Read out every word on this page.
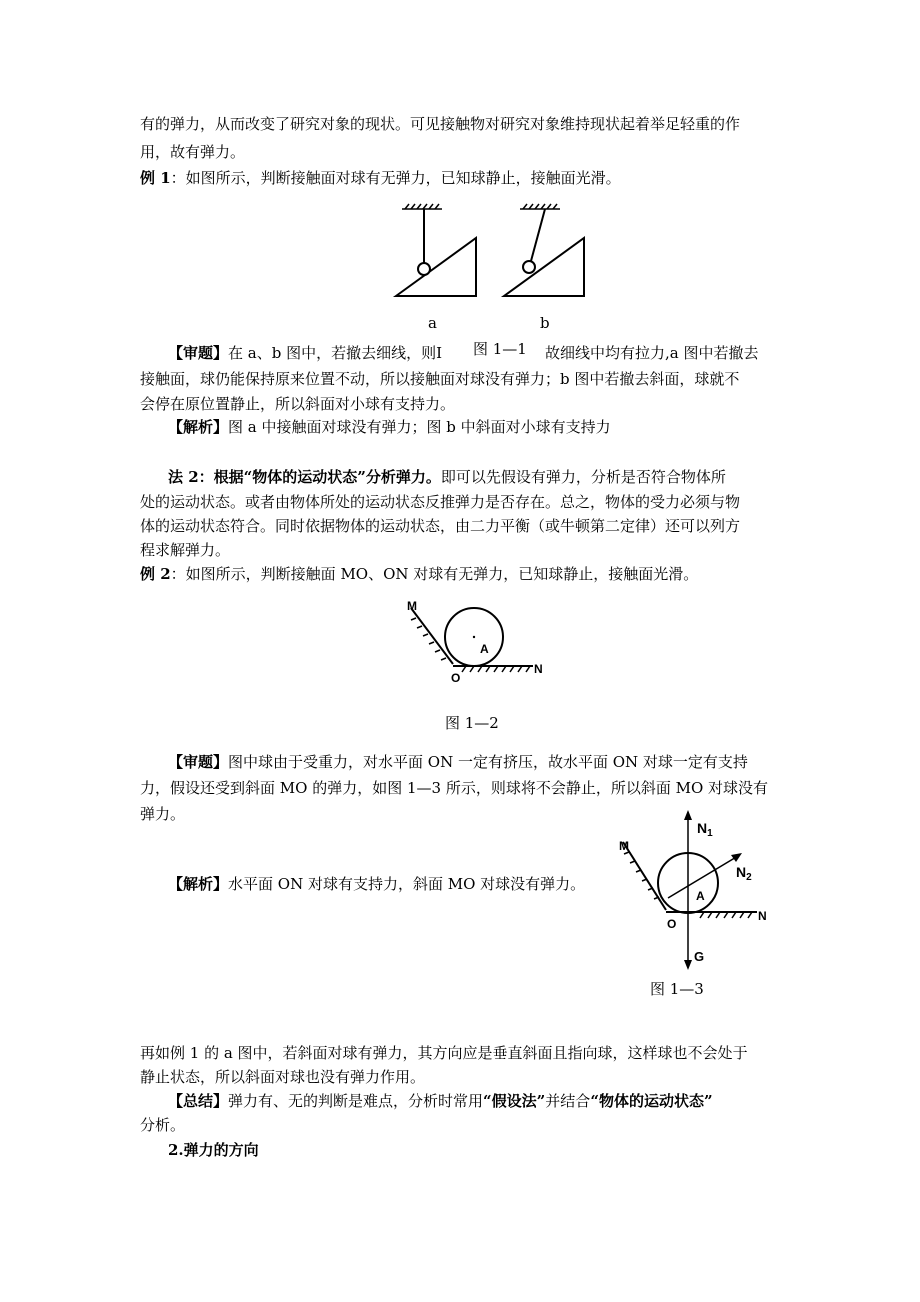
有的弹力，从而改变了研究对象的现状。可见接触物对研究对象维持现状起着举足轻重的作
用，故有弹力。
例 1：如图所示，判断接触面对球有无弹力，已知球静止，接触面光滑。
a	b
【审题】在 a、b 图中，若撤去细线，则I 图 1—1 故细线中均有拉力,a 图中若撤去
接触面，球仍能保持原来位置不动，所以接触面对球没有弹力；b 图中若撤去斜面，球就不
会停在原位置静止，所以斜面对小球有支持力。
【解析】图 a 中接触面对球没有弹力；图 b 中斜面对小球有支持力
法 2：根据“物体的运动状态”分析弹力。即可以先假设有弹力，分析是否符合物体所
处的运动状态。或者由物体所处的运动状态反推弹力是否存在。总之，物体的受力必须与物
体的运动状态符合。同时依据物体的运动状态，由二力平衡（或牛顿第二定律）还可以列方
程求解弹力。
例 2：如图所示，判断接触面 MO、ON 对球有无弹力，已知球静止，接触面光滑。
M
A
O
N
图 1—2
【审题】图中球由于受重力，对水平面 ON 一定有挤压，故水平面 ON 对球一定有支持
力，假设还受到斜面 MO 的弹力，如图 1—3 所示，则球将不会静止，所以斜面 MO 对球没有
弹力。
【解析】水平面 ON 对球有支持力，斜面 MO 对球没有弹力。
M
$N_1$
$N_2$
A
O
N
G
图 1—3
再如例 1 的 a 图中，若斜面对球有弹力，其方向应是垂直斜面且指向球，这样球也不会处于
静止状态，所以斜面对球也没有弹力作用。
【总结】弹力有、无的判断是难点，分析时常用“假设法”并结合“物体的运动状态”
分析。
2.弹力的方向
